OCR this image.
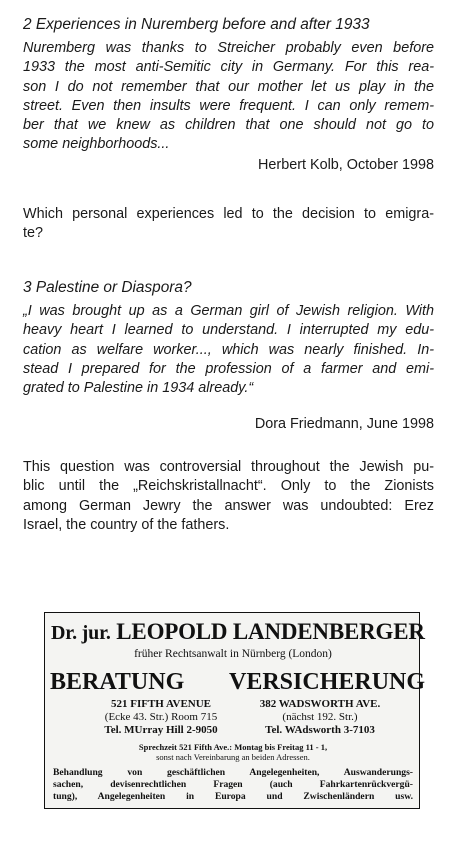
2 Experiences in Nuremberg before and after 1933
Nuremberg was thanks to Streicher probably even before
1933 the most anti-Semitic city in Germany. For this rea-
son I do not remember that our mother let us play in the
street. Even then insults were frequent. I can only remem-
ber that we knew as children that one should not go to
some neighborhoods...
Herbert Kolb, October 1998
Which personal experiences led to the decision to emigra-
te?
3 Palestine or Diaspora?
„I was brought up as a German girl of Jewish religion. With
heavy heart I learned to understand. I interrupted my edu-
cation as welfare worker..., which was nearly finished. In-
stead I prepared for the profession of a farmer and emi-
grated to Palestine in 1934 already.“
Dora Friedmann, June 1998
This question was controversial throughout the Jewish pu-
blic until the „Reichskristallnacht“. Only to the Zionists
among German Jewry the answer was undoubted: Erez
Israel, the country of the fathers.
Dr. jur. LEOPOLD LANDENBERGER
früher Rechtsanwalt in Nürnberg (London)
BERATUNG VERSICHERUNG
521 FIFTH AVENUE
(Ecke 43. Str.) Room 715
Tel. MUrray Hill 2-9050
382 WADSWORTH AVE.
(nächst 192. Str.)
Tel. WAdsworth 3-7103
Sprechzeit 521 Fifth Ave.: Montag bis Freitag 11 - 1,
sonst nach Vereinbarung an beiden Adressen.
Behandlung von geschäftlichen Angelegenheiten, Auswanderungs-
sachen, devisenrechtlichen Fragen (auch Fahrkartenrückvergü-
tung), Angelegenheiten in Europa und Zwischenländern usw.
